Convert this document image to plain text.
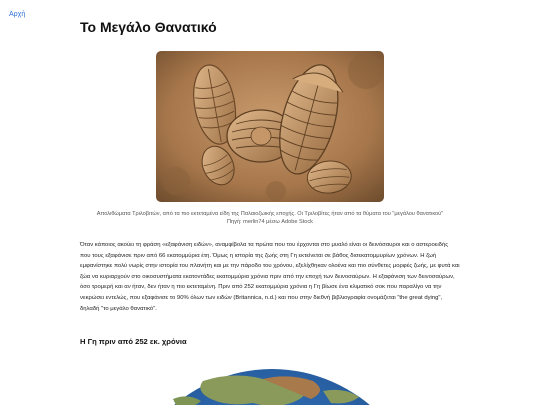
Αρχή
Το Μεγάλο Θανατικό
Απολιθώματα Τριλοβιτών, από τα πιο εκτεταμένα είδη της Παλαιοζωικής εποχής. Οι Τριλοβίτες ήταν από τα θύματα του "μεγάλου θανατικού"
Πηγή: merlin74 μέσω Adobe Stock

Όταν κάποιος ακούει τη φράση «εξαφάνιση ειδών», αναμφίβολα τα πρώτα που του έρχονται στο μυαλό είναι οι δεινόσαυροι και ο αστεροειδής που τους εξαφάνισε πριν από 66 εκατομμύρια έτη. Όμως η ιστορία της ζωής στη Γη εκτείνεται σε βάθος δισεκατομμυρίων χρόνων. Η ζωή εμφανίστηκε πολύ νωρίς στην ιστορία του πλανήτη και με την πάροδο του χρόνου, εξελίχθηκαν ολοένα και πιο σύνθετες μορφές ζωής, με φυτά και ζώα να κυριαρχούν στο οικοσυστήματα εκατοντάδες εκατομμύρια χρόνια πριν από την εποχή των δεινοσαύρων. Η εξαφάνιση των δεινοσαύρων, όσο τρομερή και αν ήταν, δεν ήταν η πιο εκτεταμένη. Πριν από 252 εκατομμύρια χρόνια η Γη βίωσε ένα κλιματικό σοκ που παραλίγο να την νεκρώσει εντελώς, που εξαφάνισε το 90% όλων των ειδών (Britannica, n.d.) και που στην διεθνή βιβλιογραφία ονομάζεται "the great dying", δηλαδή "το μεγάλο θανατικό".

Η Γη πριν από 252 εκ. χρόνια
